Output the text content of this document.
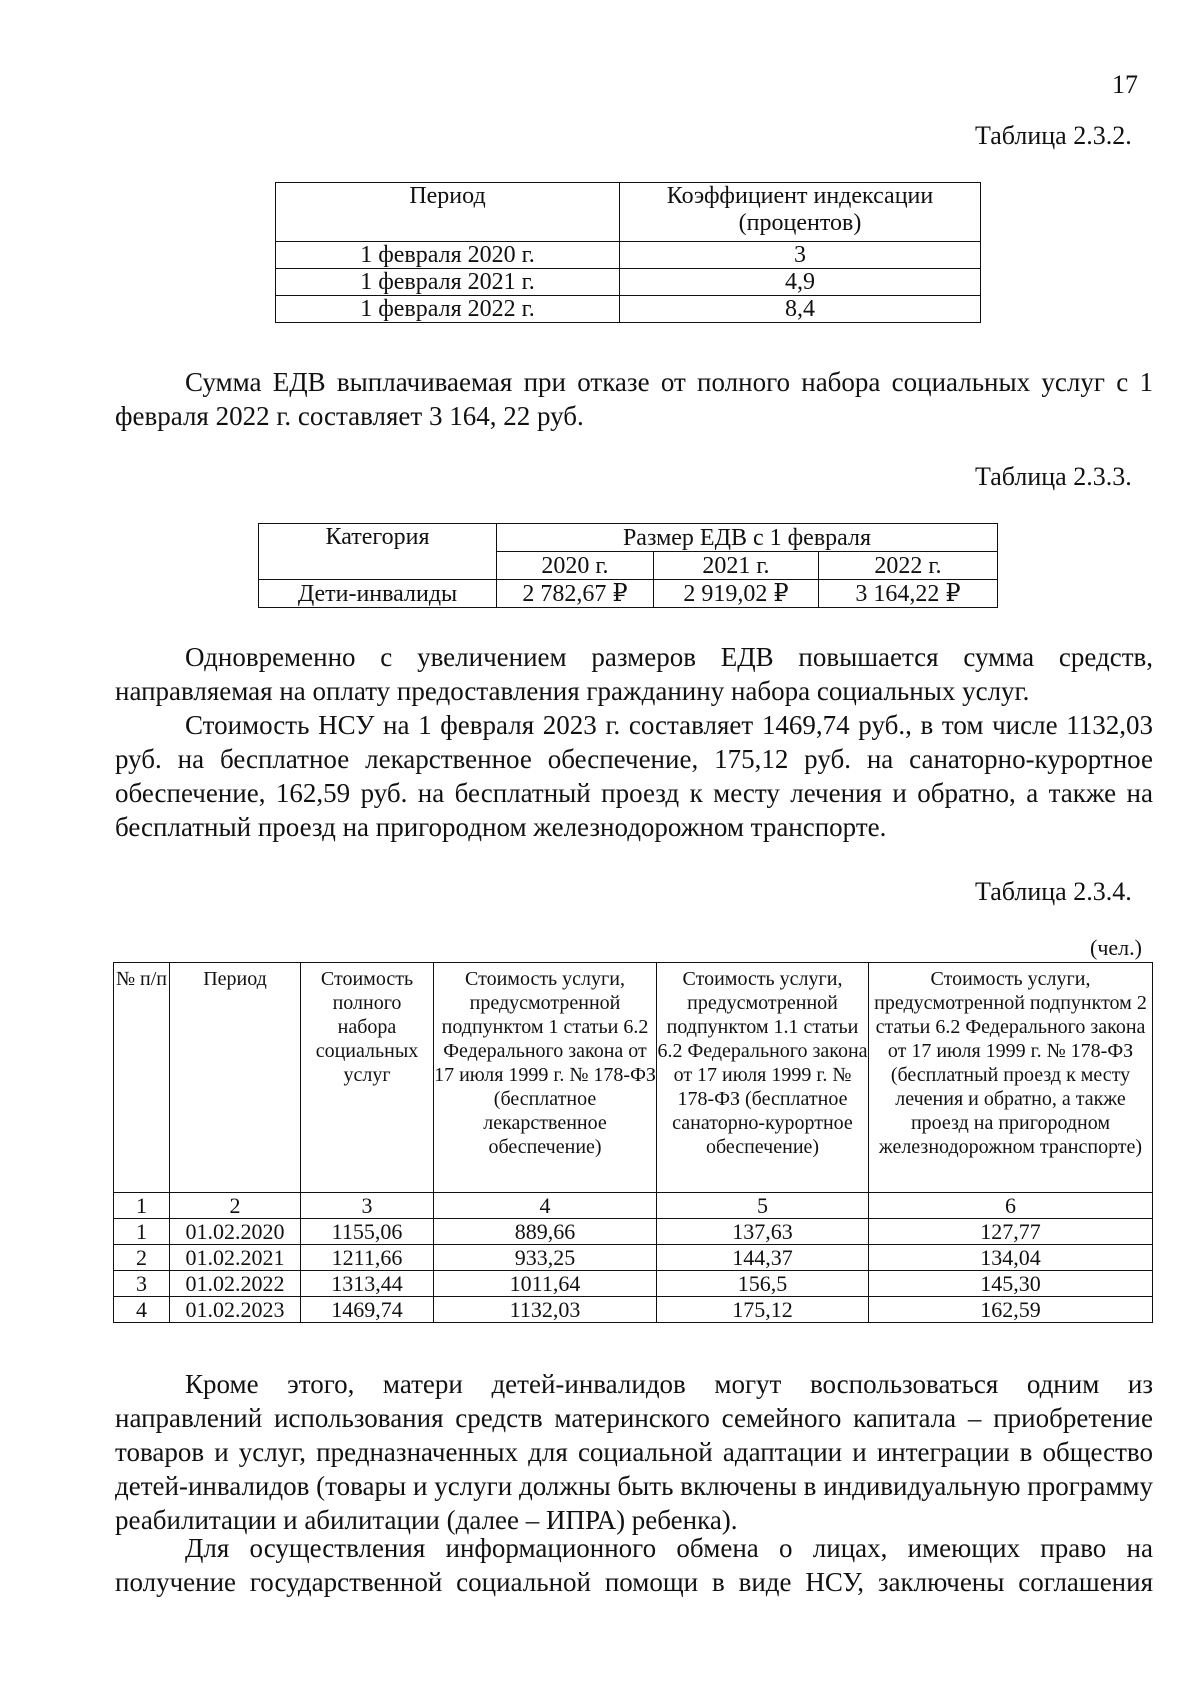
17
Таблица 2.3.2.
Период	Коэффициент индексации (процентов)
1 февраля 2020 г.	3
1 февраля 2021 г.	4,9
1 февраля 2022 г.	8,4
Сумма ЕДВ выплачиваемая при отказе от полного набора социальных услуг с 1 февраля 2022 г. составляет 3 164, 22 руб.
Таблица 2.3.3.
Категория	Размер ЕДВ с 1 февраля		
	2020 г.	2021 г.	2022 г.
Дети-инвалиды	2 782,67 ₽	2 919,02 ₽	3 164,22 ₽
Одновременно с увеличением размеров ЕДВ повышается сумма средств, направляемая на оплату предоставления гражданину набора социальных услуг.
Стоимость НСУ на 1 февраля 2023 г. составляет 1469,74 руб., в том числе 1132,03 руб. на бесплатное лекарственное обеспечение, 175,12 руб. на санаторно-курортное обеспечение, 162,59 руб. на бесплатный проезд к месту лечения и обратно, а также на бесплатный проезд на пригородном железнодорожном транспорте.
Таблица 2.3.4.
(чел.)
№ п/п	Период	Стоимость полного набора социальных услуг	Стоимость услуги, предусмотренной подпунктом 1 статьи 6.2 Федерального закона от 17 июля 1999 г. № 178-ФЗ (бесплатное лекарственное обеспечение)	Стоимость услуги, предусмотренной подпунктом 1.1 статьи 6.2 Федерального закона от 17 июля 1999 г. № 178-ФЗ (бесплатное санаторно-курортное обеспечение)	Стоимость услуги, предусмотренной подпунктом 2 статьи 6.2 Федерального закона от 17 июля 1999 г. № 178-ФЗ (бесплатный проезд к месту лечения и обратно, а также проезд на пригородном железнодорожном транспорте)
1	2	3	4	5	6
1	01.02.2020	1155,06	889,66	137,63	127,77
2	01.02.2021	1211,66	933,25	144,37	134,04
3	01.02.2022	1313,44	1011,64	156,5	145,30
4	01.02.2023	1469,74	1132,03	175,12	162,59
Кроме этого, матери детей-инвалидов могут воспользоваться одним из направлений использования средств материнского семейного капитала – приобретение товаров и услуг, предназначенных для социальной адаптации и интеграции в общество детей-инвалидов (товары и услуги должны быть включены в индивидуальную программу реабилитации и абилитации (далее – ИПРА) ребенка).
Для осуществления информационного обмена о лицах, имеющих право на получение государственной социальной помощи в виде НСУ, заключены соглашения
